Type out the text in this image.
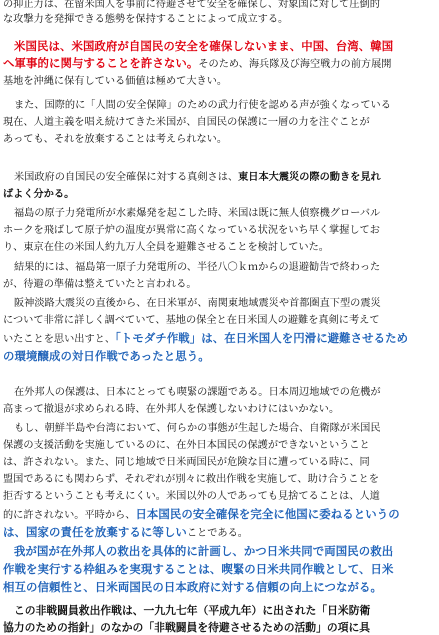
の抑止力は、在留米国人を事前に待避させて安全を確保し、対象国に対して圧倒的
な攻撃力を発揮できる態勢を保持することによって成立する。
米国民は、米国政府が自国民の安全を確保しないまま、中国、台湾、韓国
へ軍事的に関与することを許さない。そのため、海兵隊及び海空戦力の前方展開
基地を沖縄に保有している価値は極めて大きい。
また、国際的に「人間の安全保障」のための武力行使を認める声が強くなっている
現在、人道主義を唱え続けてきた米国が、自国民の保護に一層の力を注ぐことが
あっても、それを放棄することは考えられない。
米国政府の自国民の安全確保に対する真剣さは、東日本大震災の際の動きを見れ
ばよく分かる。
福島の原子力発電所が水素爆発を起こした時、米国は既に無人偵察機グローバル
ホークを飛ばして原子炉の温度が異常に高くなっている状況をいち早く掌握してお
り、東京在住の米国人約九万人全員を避難させることを検討していた。
結果的には、福島第一原子力発電所の、半径八〇ｋｍからの退避勧告で終わった
が、待避の準備は整えていたと言われる。
阪神淡路大震災の直後から、在日米軍が、南関東地域震災や首都圏直下型の震災
について非常に詳しく調べていて、基地の保全と在日米国人の避難を真剣に考えて
いたことを思い出すと、「トモダチ作戦」は、在日米国人を円滑に避難させるため
の環境醸成の対日作戦であったと思う。
在外邦人の保護は、日本にとっても喫緊の課題である。日本周辺地域での危機が
高まって撤退が求められる時、在外邦人を保護しないわけにはいかない。
もし、朝鮮半島や台湾において、何らかの事態が生起した場合、自衛隊が米国民
保護の支援活動を実施しているのに、在外日本国民の保護ができないということ
は、許されない。また、同じ地域で日米両国民が危険な目に遭っている時に、同
盟国であるにも関わらず、それぞれが別々に救出作戦を実施して、助け合うことを
拒否するということも考えにくい。米国以外の人であっても見捨てることは、人道
的に許されない。平時から、日本国民の安全確保を完全に他国に委ねるというの
は、国家の責任を放棄するに等しいことである。
我が国が在外邦人の救出を具体的に計画し、かつ日米共同で両国民の救出
作戦を実行する枠組みを実現することは、喫緊の日米共同作戦として、日米
相互の信頼性と、日米両国民の日本政府に対する信頼の向上につながる。
この非戦闘員救出作戦は、一九九七年（平成九年）に出された「日米防衛
協力のための指針」のなかの「非戦闘員を待避させるための活動」の項に具
